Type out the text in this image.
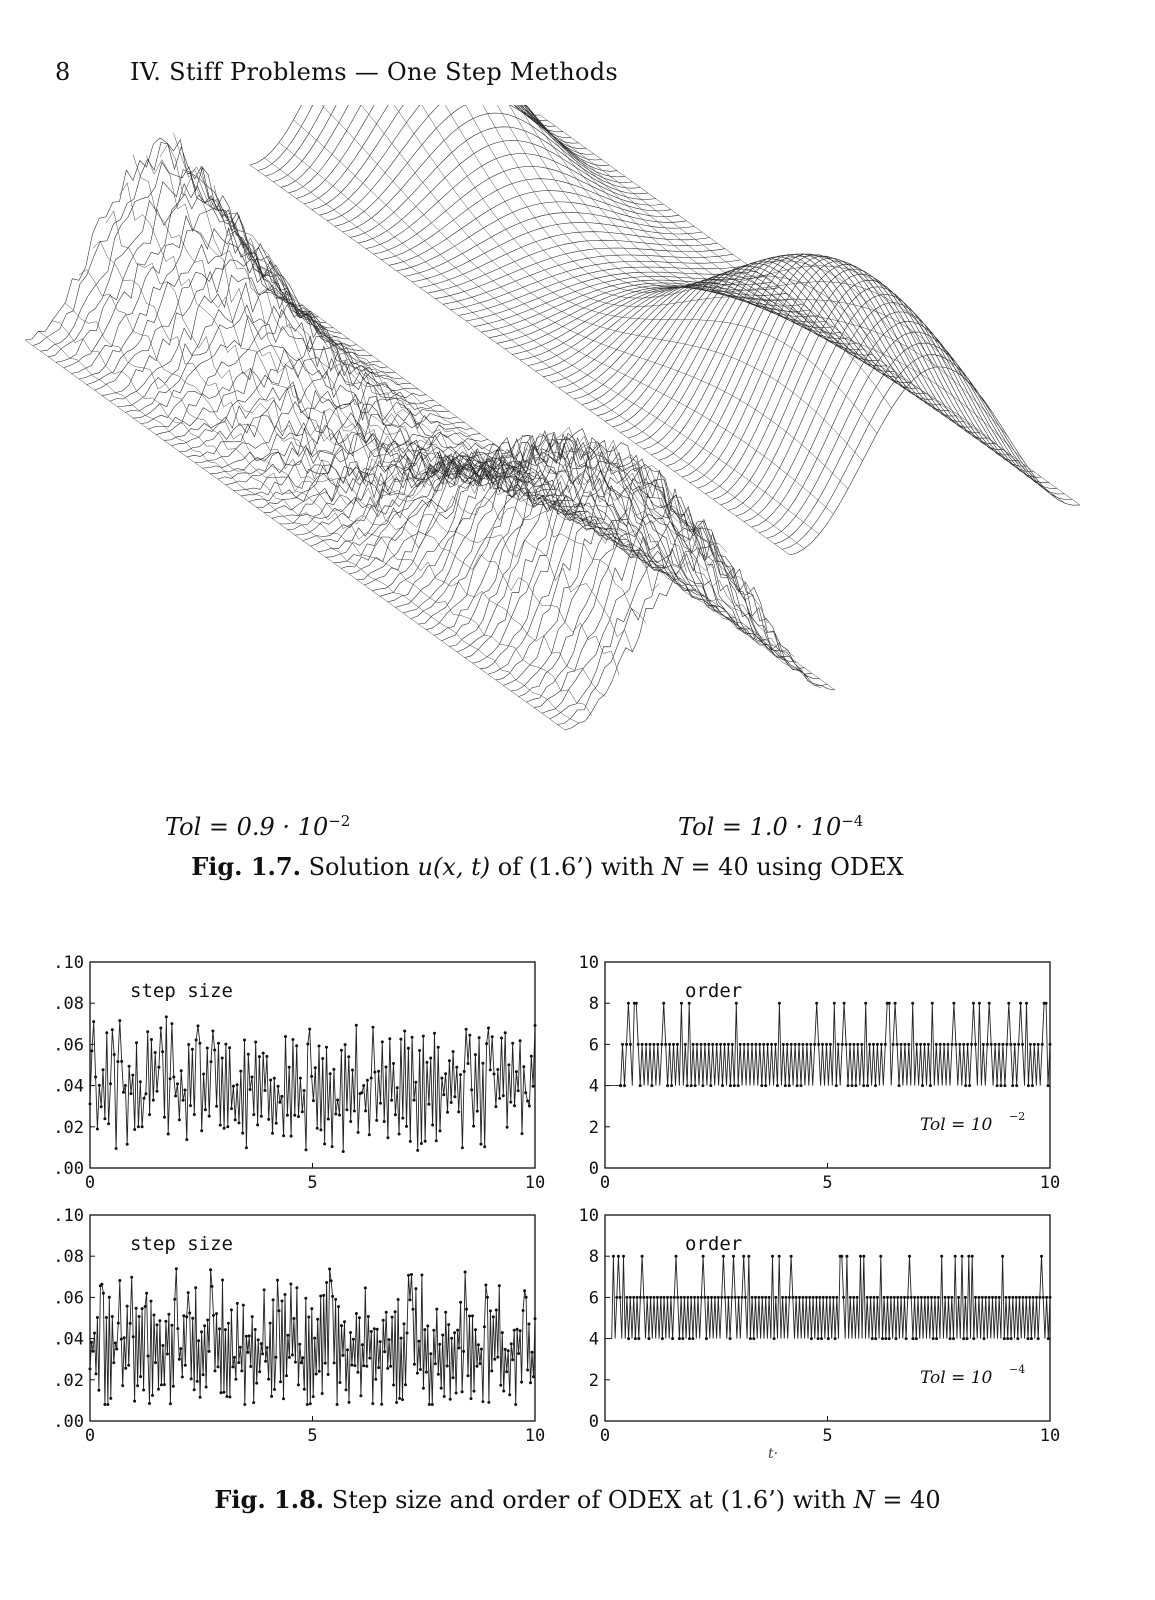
8 IV. Stiff Problems — One Step Methods
Tol = $0.9 \cdot 10^{-2}$	Tol = $1.0 \cdot 10^{-4}$
Fig. 1.7. Solution u(x, t) of (1.6’) with N = 40 using ODEX
.00
.02
.04
.06
.08
.10
0	5	10
step size
0
2
4
6
8
10
0	5	10
order
Tol = 10 −2
.00
.02
.04
.06
.08
.10
0	5	10
step size
0
2
4
6
8
10
0	5	10
order
Tol = 10 −4
t·
Fig. 1.8. Step size and order of ODEX at (1.6’) with N = 40
